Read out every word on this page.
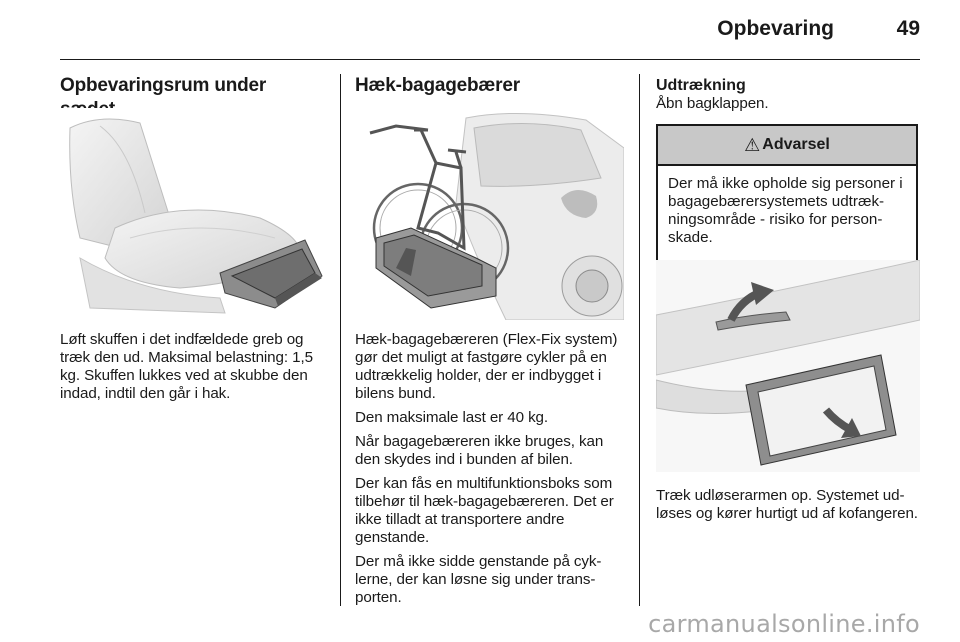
Opbevaring	49
Opbevaringsrum under

Løft skuffen i det indfældede greb og træk den ud. Maksimal belastning: 1,5 kg. Skuffen lukkes ved at skubbe den indad, indtil den går i hak.

Hæk-bagagebærer

Hæk-bagagebæreren (Flex-Fix system) gør det muligt at fastgøre cykler på en udtrækkelig holder, der er indbygget i bilens bund.

Den maksimale last er 40 kg.

Når bagagebæreren ikke bruges, kan den skydes ind i bunden af bilen.

Der kan fås en multifunktionsboks som tilbehør til hæk-bagagebæreren. Det er ikke tilladt at transportere andre genstande.

Der må ikke sidde genstande på cyklerne, der kan løsne sig under transporten.

Udtrækning

Åbn bagklappen.

⚠ Advarsel
Der må ikke opholde sig personer i bagagebærersystemets udtrækningsområde - risiko for personskade.

Træk udløserarmen op. Systemet udløses og kører hurtigt ud af kofangeren.

carmanualsonline.info
